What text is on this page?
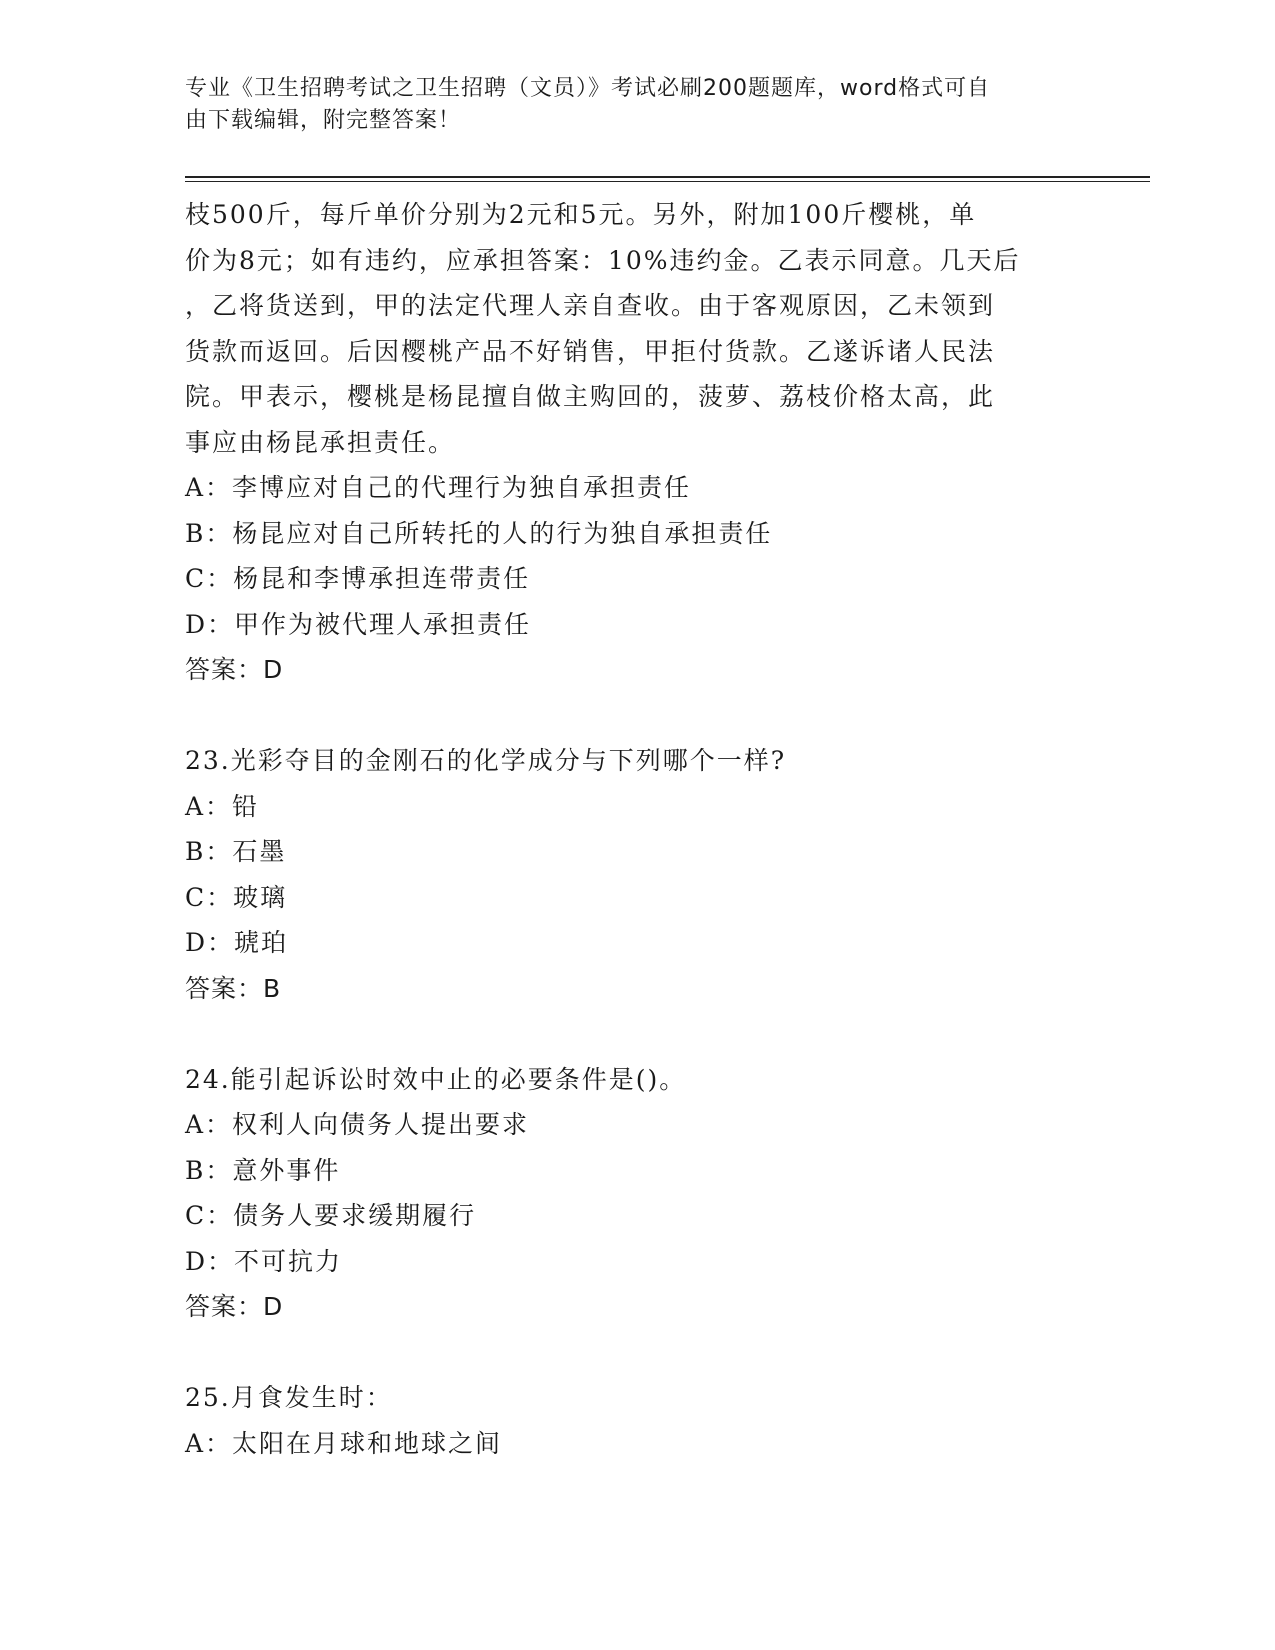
专业《卫生招聘考试之卫生招聘（文员）》考试必刷200题题库，word格式可自
由下载编辑，附完整答案！
枝500斤，每斤单价分别为2元和5元。另外，附加100斤樱桃，单
价为8元；如有违约，应承担答案：10%违约金。乙表示同意。几天后
，乙将货送到，甲的法定代理人亲自查收。由于客观原因，乙未领到
货款而返回。后因樱桃产品不好销售，甲拒付货款。乙遂诉诸人民法
院。甲表示，樱桃是杨昆擅自做主购回的，菠萝、荔枝价格太高，此
事应由杨昆承担责任。
A：李博应对自己的代理行为独自承担责任
B：杨昆应对自己所转托的人的行为独自承担责任
C：杨昆和李博承担连带责任
D：甲作为被代理人承担责任
答案：D
23.光彩夺目的金刚石的化学成分与下列哪个一样?
A：铅
B：石墨
C：玻璃
D：琥珀
答案：B
24.能引起诉讼时效中止的必要条件是()。
A：权利人向债务人提出要求
B：意外事件
C：债务人要求缓期履行
D：不可抗力
答案：D
25.月食发生时：
A：太阳在月球和地球之间
